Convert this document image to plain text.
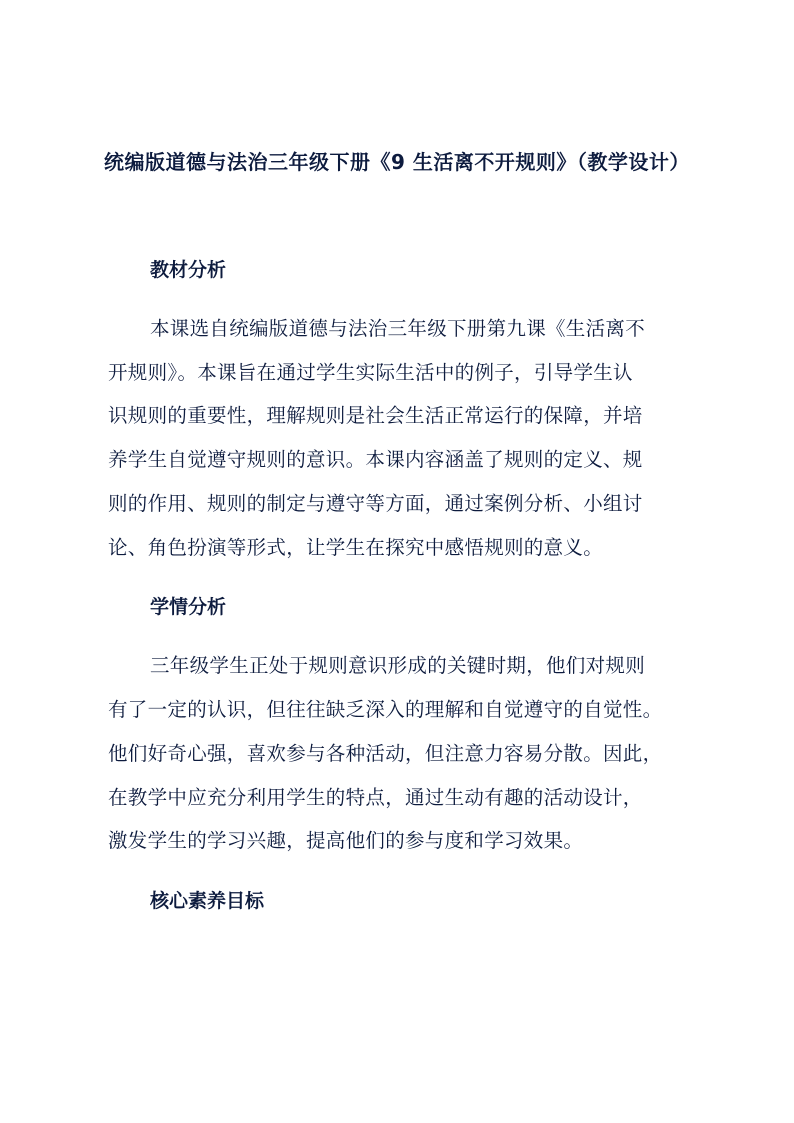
统编版道德与法治三年级下册《9 生活离不开规则》（教学设计）
教材分析
本课选自统编版道德与法治三年级下册第九课《生活离不
开规则》。本课旨在通过学生实际生活中的例子，引导学生认
识规则的重要性，理解规则是社会生活正常运行的保障，并培
养学生自觉遵守规则的意识。本课内容涵盖了规则的定义、规
则的作用、规则的制定与遵守等方面，通过案例分析、小组讨
论、角色扮演等形式，让学生在探究中感悟规则的意义。
学情分析
三年级学生正处于规则意识形成的关键时期，他们对规则
有了一定的认识，但往往缺乏深入的理解和自觉遵守的自觉性。
他们好奇心强，喜欢参与各种活动，但注意力容易分散。因此，
在教学中应充分利用学生的特点，通过生动有趣的活动设计，
激发学生的学习兴趣，提高他们的参与度和学习效果。
核心素养目标
